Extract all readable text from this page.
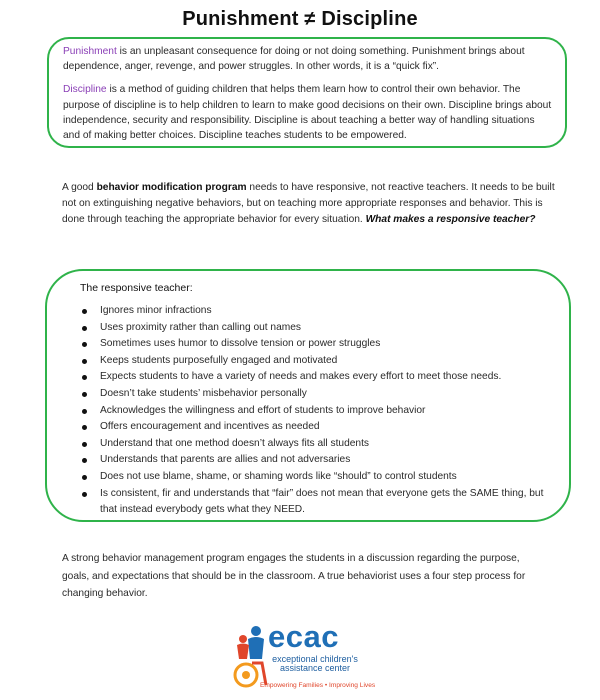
Punishment ≠ Discipline

Punishment is an unpleasant consequence for doing or not doing something. Punishment brings about dependence, anger, revenge, and power struggles. In other words, it is a “quick fix”.

Discipline is a method of guiding children that helps them learn how to control their own behavior. The purpose of discipline is to help children to learn to make good decisions on their own. Discipline brings about independence, security and responsibility. Discipline is about teaching a better way of handling situations and of making better choices. Discipline teaches students to be empowered.

A good behavior modification program needs to have responsive, not reactive teachers. It needs to be built not on extinguishing negative behaviors, but on teaching more appropriate responses and behavior. This is done through teaching the appropriate behavior for every situation. What makes a responsive teacher?

The responsive teacher:

Ignores minor infractions
Uses proximity rather than calling out names
Sometimes uses humor to dissolve tension or power struggles
Keeps students purposefully engaged and motivated
Expects students to have a variety of needs and makes every effort to meet those needs.
Doesn’t take students’ misbehavior personally
Acknowledges the willingness and effort of students to improve behavior
Offers encouragement and incentives as needed
Understand that one method doesn’t always fits all students
Understands that parents are allies and not adversaries
Does not use blame, shame, or shaming words like “should” to control students
Is consistent, fir and understands that “fair” does not mean that everyone gets the SAME thing, but that instead everybody gets what they NEED.

A strong behavior management program engages the students in a discussion regarding the purpose, goals, and expectations that should be in the classroom. A true behaviorist uses a four step process for changing behavior.

ecac
exceptional children's
assistance center
Empowering Families • Improving Lives
